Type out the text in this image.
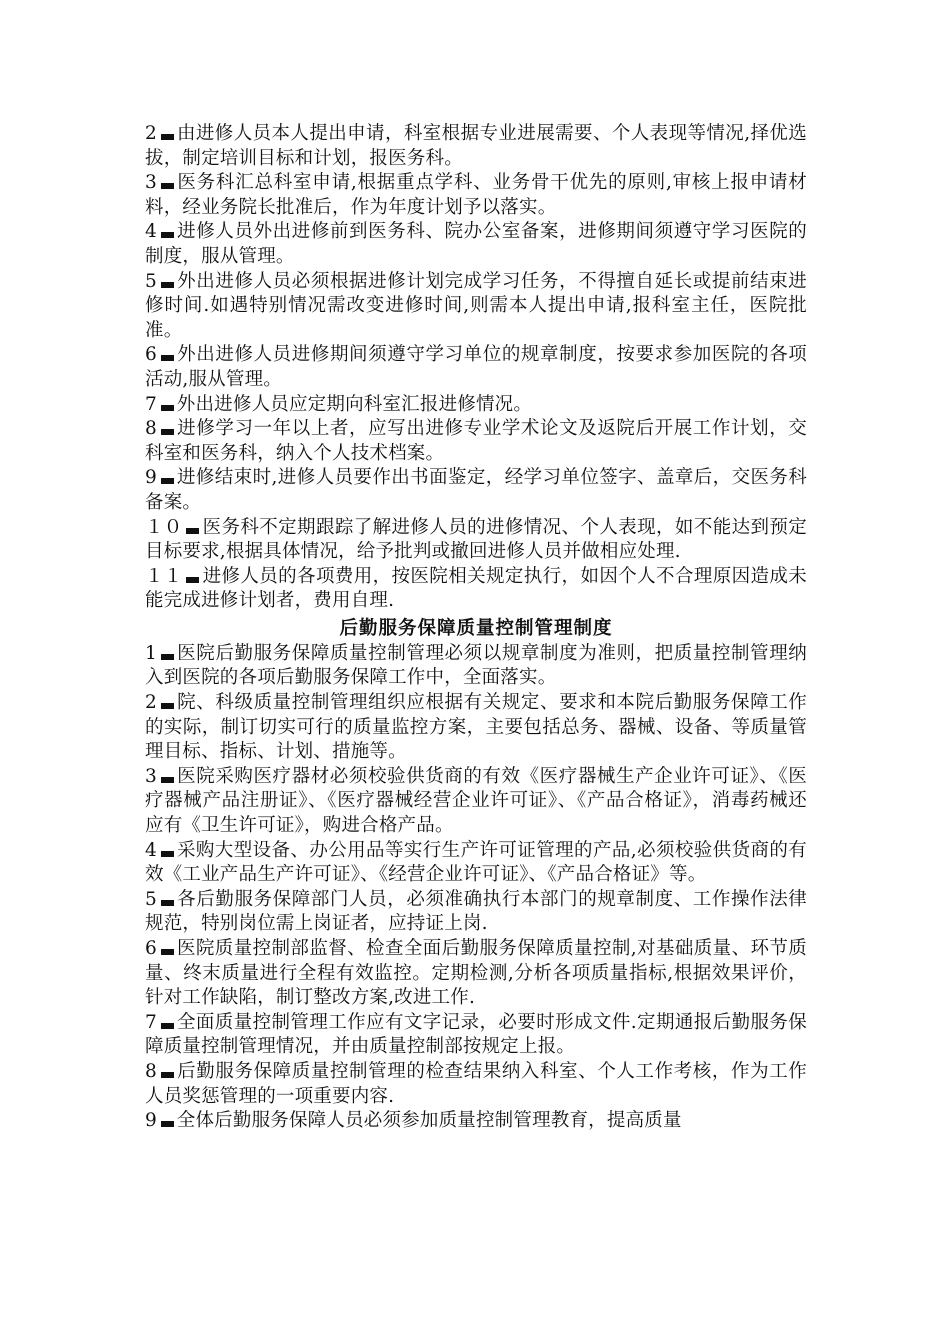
2 由进修人员本人提出申请，科室根据专业进展需要、个人表现等情况,择优选拔，制定培训目标和计划，报医务科。

3 医务科汇总科室申请,根据重点学科、业务骨干优先的原则,审核上报申请材料，经业务院长批准后，作为年度计划予以落实。

4 进修人员外出进修前到医务科、院办公室备案，进修期间须遵守学习医院的制度，服从管理。

5 外出进修人员必须根据进修计划完成学习任务，不得擅自延长或提前结束进修时间.如遇特别情况需改变进修时间,则需本人提出申请,报科室主任，医院批准。

6 外出进修人员进修期间须遵守学习单位的规章制度，按要求参加医院的各项活动,服从管理。

7 外出进修人员应定期向科室汇报进修情况。

8 进修学习一年以上者，应写出进修专业学术论文及返院后开展工作计划，交科室和医务科，纳入个人技术档案。

9 进修结束时,进修人员要作出书面鉴定，经学习单位签字、盖章后，交医务科备案。

１０ 医务科不定期跟踪了解进修人员的进修情况、个人表现，如不能达到预定目标要求,根据具体情况，给予批判或撤回进修人员并做相应处理.

１１ 进修人员的各项费用，按医院相关规定执行，如因个人不合理原因造成未能完成进修计划者，费用自理.

后勤服务保障质量控制管理制度

1 医院后勤服务保障质量控制管理必须以规章制度为准则，把质量控制管理纳入到医院的各项后勤服务保障工作中，全面落实。

2 院、科级质量控制管理组织应根据有关规定、要求和本院后勤服务保障工作的实际，制订切实可行的质量监控方案，主要包括总务、器械、设备、等质量管理目标、指标、计划、措施等。

3 医院采购医疗器材必须校验供货商的有效《医疗器械生产企业许可证》、《医疗器械产品注册证》、《医疗器械经营企业许可证》、《产品合格证》，消毒药械还应有《卫生许可证》，购进合格产品。

4 采购大型设备、办公用品等实行生产许可证管理的产品,必须校验供货商的有效《工业产品生产许可证》、《经营企业许可证》、《产品合格证》等。

5 各后勤服务保障部门人员，必须准确执行本部门的规章制度、工作操作法律规范，特别岗位需上岗证者，应持证上岗.

6 医院质量控制部监督、检查全面后勤服务保障质量控制,对基础质量、环节质量、终末质量进行全程有效监控。定期检测,分析各项质量指标,根据效果评价，针对工作缺陷，制订整改方案,改进工作.

7 全面质量控制管理工作应有文字记录，必要时形成文件.定期通报后勤服务保障质量控制管理情况，并由质量控制部按规定上报。

8 后勤服务保障质量控制管理的检查结果纳入科室、个人工作考核，作为工作人员奖惩管理的一项重要内容.

9 全体后勤服务保障人员必须参加质量控制管理教育，提高质量
